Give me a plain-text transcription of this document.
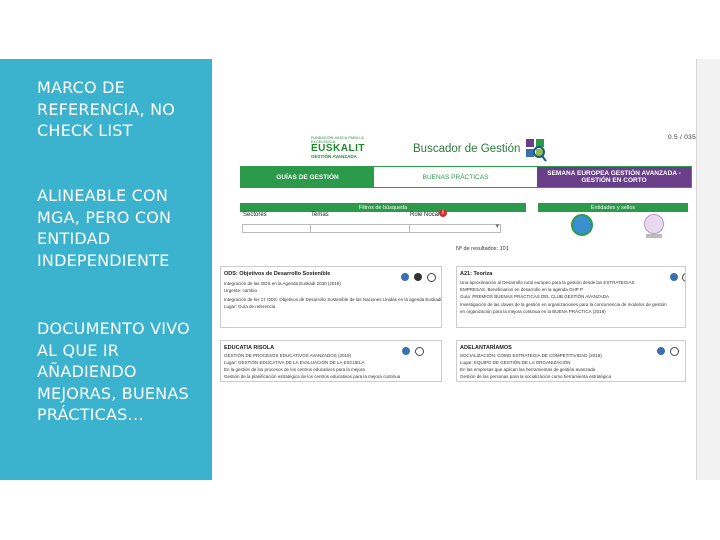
MARCO DE REFERENCIA, NO CHECK LIST
ALINEABLE CON MGA, PERO CON ENTIDAD INDEPENDIENTE
DOCUMENTO VIVO AL QUE IR AÑADIENDO MEJORAS, BUENAS PRÁCTICAS…
FUNDACIÓN VASCA PARA LA EXCELENCIA
EUSKALIT
GESTIÓN AVANZADA
Buscador de Gestión
0.5 / 035
GUÍAS DE GESTIÓN	BUENAS PRÁCTICAS	SEMANA EUROPEA GESTIÓN AVANZADA - GESTIÓN EN CORTO
Filtros de búsqueda	Entidades y sellos
Sectores	Temas	Role Nocal i
▾
▾
▾
Nº de resultados: 101
ODS: Objetivos de Desarrollo Sostenible
Integración de las ODS en la Agenda Euskadi 2030 (2019)
Urgente: cambio
Integración de los 17 ODS: Objetivos de Desarrollo Sostenible de las Naciones Unidas en la agenda Euskadi
Lugar: Guía de referencia
A21: Teoriza
Una aproximación al Desarrollo rural europeo para la gestión desde las ESTRATEGIAS
EMPRESAS. Beneficiarios en desarrollo en la agenda GHP P
Guía: PREMIOS BUENAS PRÁCTICAS DEL CLUB GESTIÓN AVANZADA
Investigación de las claves de la gestión en organizaciones para la concurrencia de modelos de gestión
en organización para la mejora continua en la BUENA PRÁCTICA (2018)
EDUCATIA RISOLA
GESTIÓN DE PROCESOS EDUCATIVOS AVANZADOS (2019)
Lugar: GESTIÓN EDUCATIVA DE LA EVALUACIÓN DE LA ESCUELA
En la gestión de los procesos de los centros educativos para la mejora
Gestión de la planificación estratégica de los centros educativos para la mejora continua
ADELANTARÍAMOS
SOCIALIZACIÓN: COMO ESTRATEGIA DE COMPETITIVIDAD (2019)
Lugar: EQUIPO DE GESTIÓN DE LA ORGANIZACIÓN
En las empresas que aplican las herramientas de gestión avanzada
Gestión de las personas para la socialización como herramienta estratégica
